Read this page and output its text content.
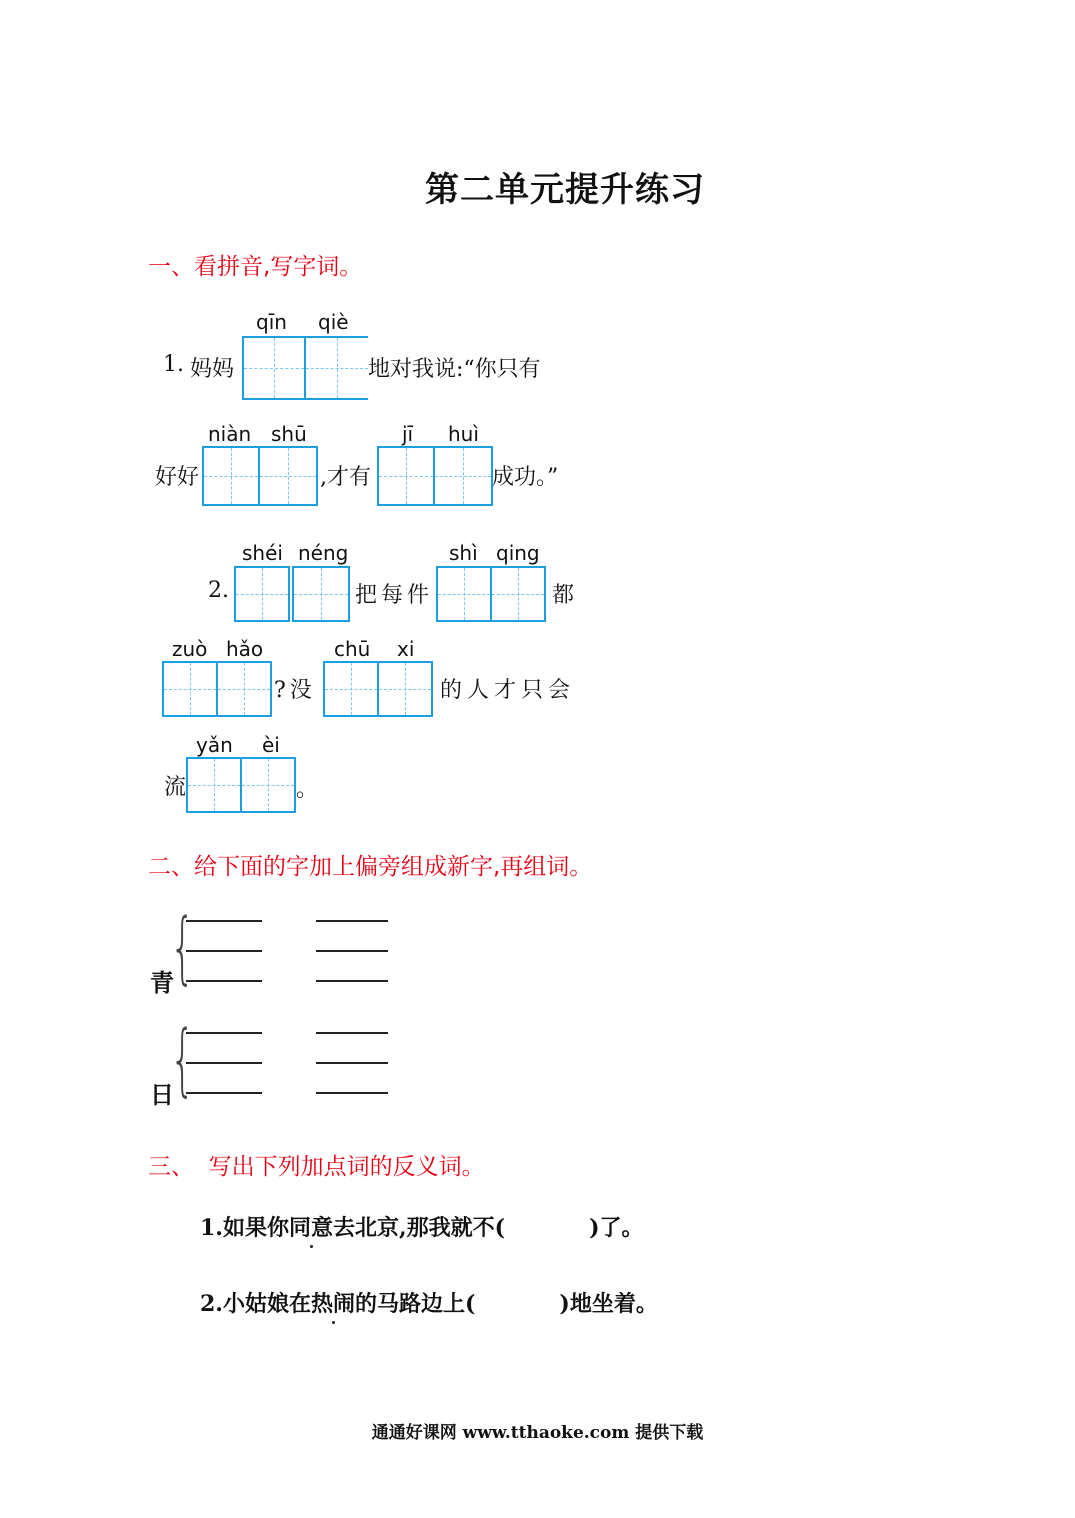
第二单元提升练习
一、看拼音,写字词。
1. 妈妈
qīn qiè
地对我说:“你只有
好好
niàn shū
,才有
jī huì
成功。”
shéi néng
2.	把每件
shì qing
都
zuò hǎo
?没
chū xi
的人才只会
流
yǎn èi
。
二、给下面的字加上偏旁组成新字,再组词。
青
{
日
{
三、  写出下列加点词的反义词。
1.如果你同意去北京,那我就不(	)了。
2.小姑娘在热闹的马路边上(	)地坐着。
通通好课网 www.tthaoke.com 提供下载
